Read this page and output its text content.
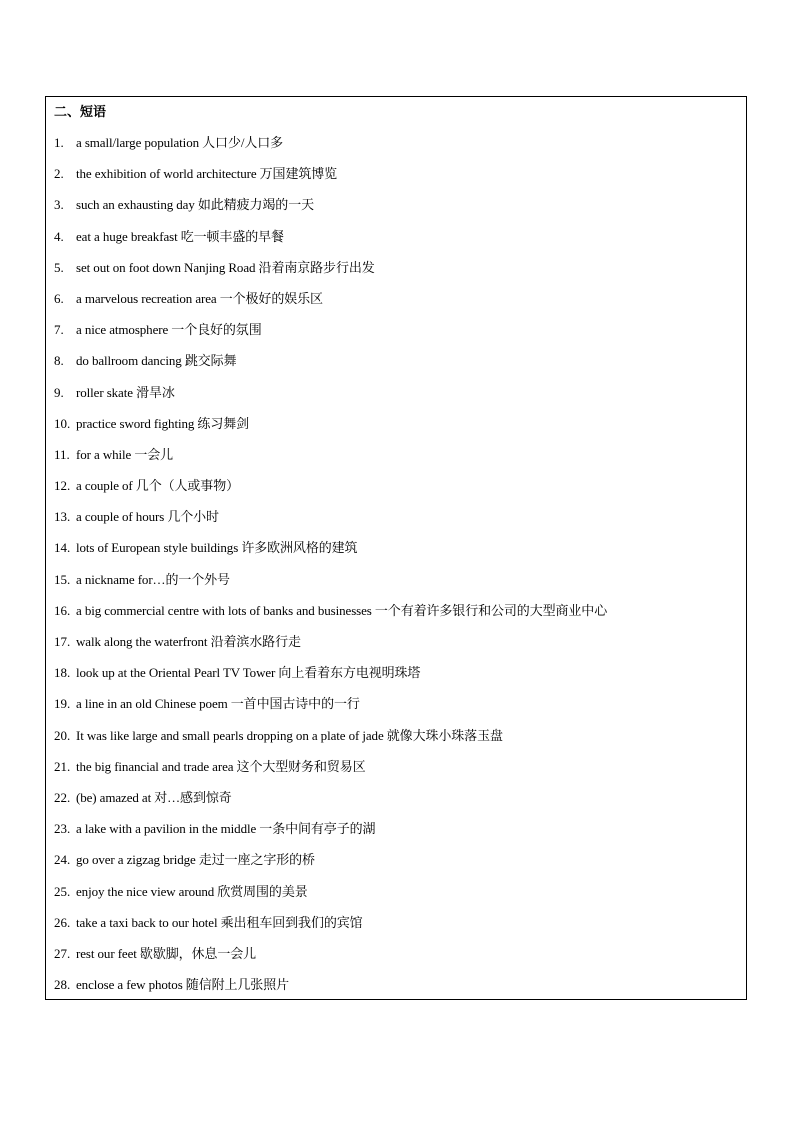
二、短语
1. a small/large population 人口少/人口多
2. the exhibition of world architecture 万国建筑博览
3. such an exhausting day 如此精疲力竭的一天
4. eat a huge breakfast 吃一顿丰盛的早餐
5. set out on foot down Nanjing Road 沿着南京路步行出发
6. a marvelous recreation area 一个极好的娱乐区
7. a nice atmosphere 一个良好的氛围
8. do ballroom dancing 跳交际舞
9. roller skate 滑旱冰
10. practice sword fighting 练习舞剑
11. for a while 一会儿
12. a couple of 几个（人或事物）
13. a couple of hours 几个小时
14. lots of European style buildings 许多欧洲风格的建筑
15. a nickname for…的一个外号
16. a big commercial centre with lots of banks and businesses 一个有着许多银行和公司的大型商业中心
17. walk along the waterfront 沿着滨水路行走
18. look up at the Oriental Pearl TV Tower 向上看着东方电视明珠塔
19. a line in an old Chinese poem 一首中国古诗中的一行
20. It was like large and small pearls dropping on a plate of jade 就像大珠小珠落玉盘
21. the big financial and trade area 这个大型财务和贸易区
22. (be) amazed at 对…感到惊奇
23. a lake with a pavilion in the middle 一条中间有亭子的湖
24. go over a zigzag bridge 走过一座之字形的桥
25. enjoy the nice view around 欣赏周围的美景
26. take a taxi back to our hotel 乘出租车回到我们的宾馆
27. rest our feet 歇歇脚，休息一会儿
28. enclose a few photos 随信附上几张照片
